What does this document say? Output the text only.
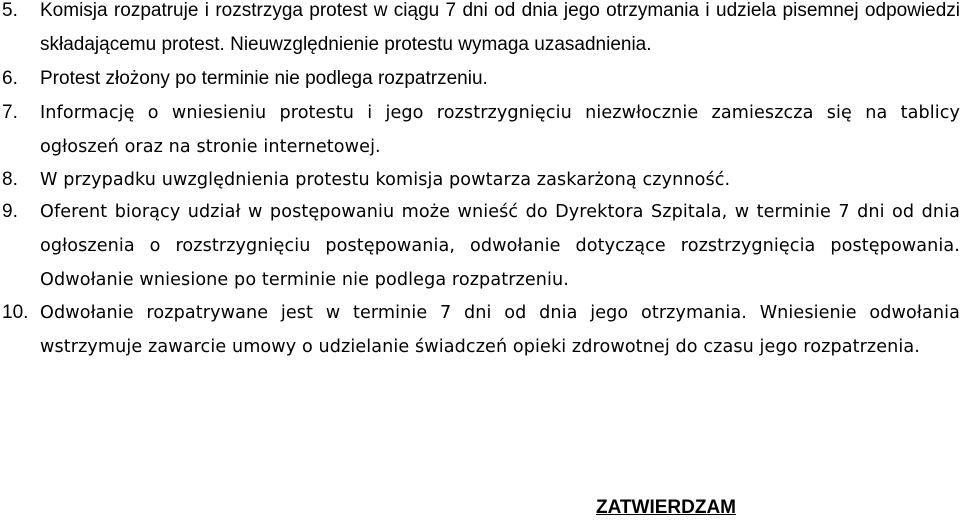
5. Komisja rozpatruje i rozstrzyga protest w ciągu 7 dni od dnia jego otrzymania i udziela pisemnej odpowiedzi składającemu protest. Nieuwzględnienie protestu wymaga uzasadnienia.
6. Protest złożony po terminie nie podlega rozpatrzeniu.
7. Informację o wniesieniu protestu i jego rozstrzygnięciu niezwłocznie zamieszcza się na tablicy ogłoszeń oraz na stronie internetowej.
8. W przypadku uwzględnienia protestu komisja powtarza zaskarżoną czynność.
9. Oferent biorący udział w postępowaniu może wnieść do Dyrektora Szpitala, w terminie 7 dni od dnia ogłoszenia o rozstrzygnięciu postępowania, odwołanie dotyczące rozstrzygnięcia postępowania. Odwołanie wniesione po terminie nie podlega rozpatrzeniu.
10. Odwołanie rozpatrywane jest w terminie 7 dni od dnia jego otrzymania. Wniesienie odwołania wstrzymuje zawarcie umowy o udzielanie świadczeń opieki zdrowotnej do czasu jego rozpatrzenia.
ZATWIERDZAM
